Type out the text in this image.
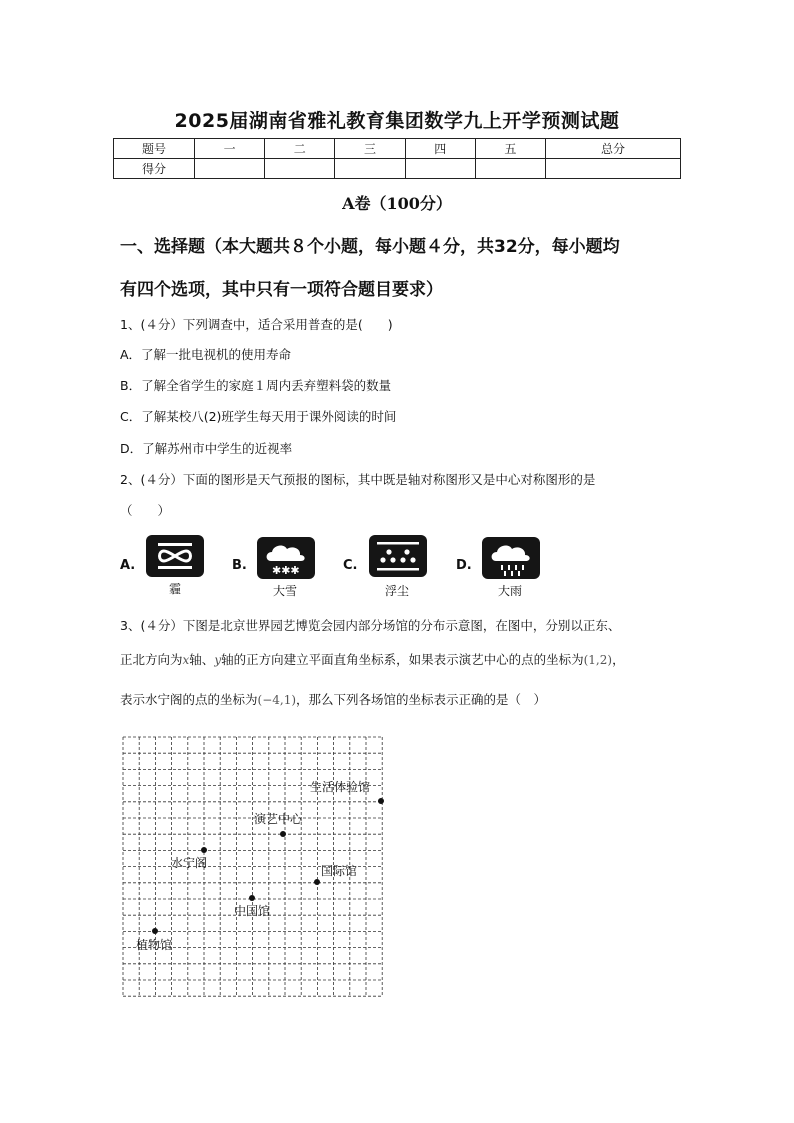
2025届湖南省雅礼教育集团数学九上开学预测试题
题号	一	二	三	四	五	总分
得分						
A卷（100分）
一、选择题（本大题共８个小题，每小题４分，共32分，每小题均
有四个选项，其中只有一项符合题目要求）
1、(４分）下列调查中，适合采用普查的是(　　)
A．了解一批电视机的使用寿命
B．了解全省学生的家庭１周内丢弃塑料袋的数量
C．了解某校八(2)班学生每天用于课外阅读的时间
D．了解苏州市中学生的近视率
2、(４分）下面的图形是天气预报的图标，其中既是轴对称图形又是中心对称图形的是
（　　）
A.
霾
B. ✱✱✱
大雪
C.
浮尘
D.
大雨
3、(４分）下图是北京世界园艺博览会园内部分场馆的分布示意图，在图中，分别以正东、
正北方向为x轴、y轴的正方向建立平面直角坐标系，如果表示演艺中心的点的坐标为(1,2)，
表示水宁阁的点的坐标为(−4,1)，那么下列各场馆的坐标表示正确的是（　）
生活体验馆
演艺中心
水宁阁
国际馆
中国馆
植物馆
